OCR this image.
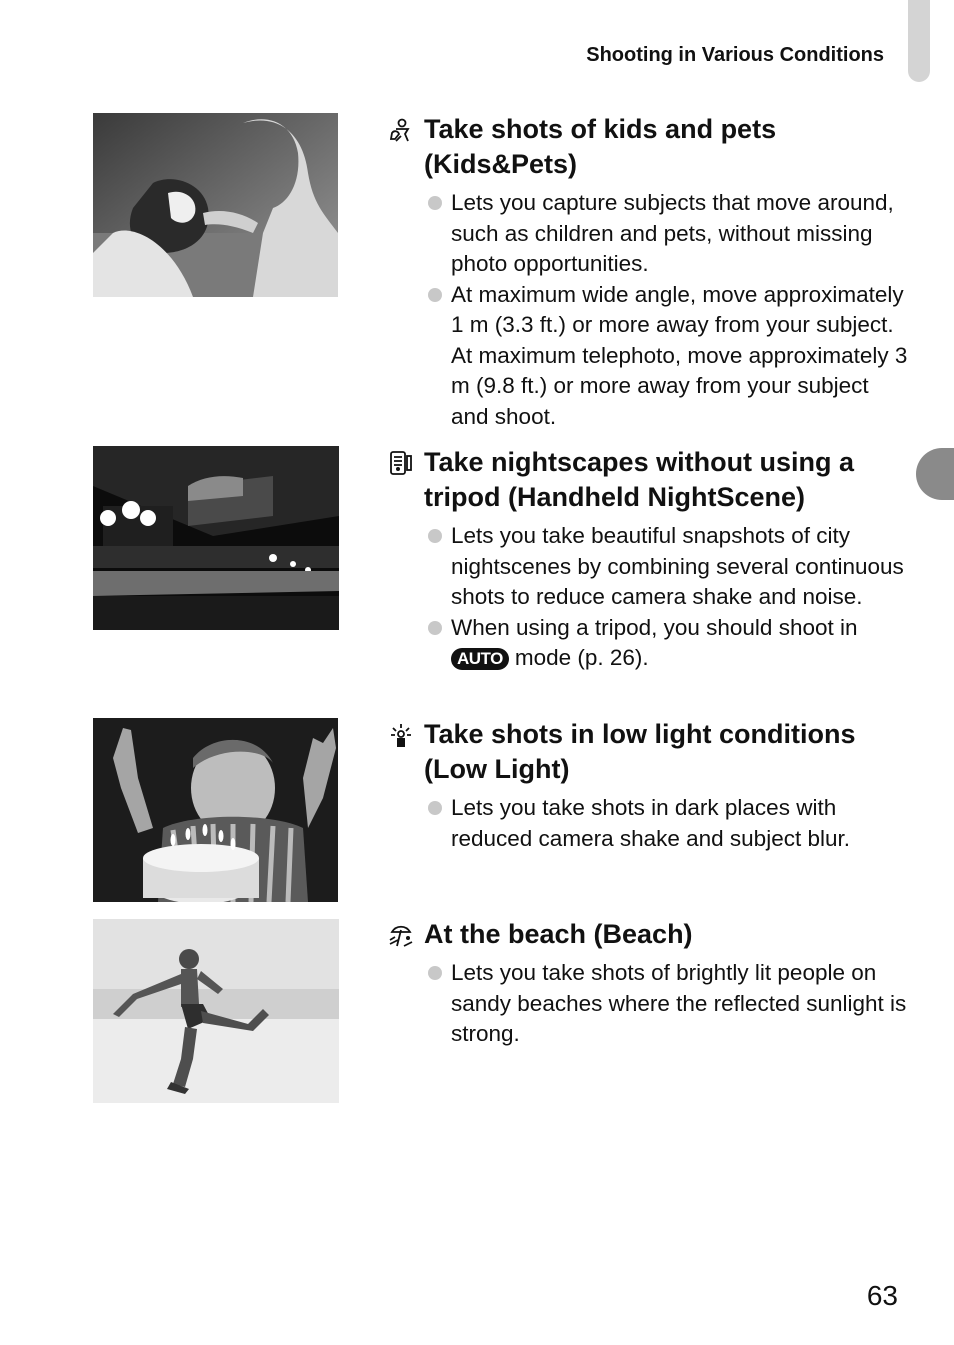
Shooting in Various Conditions
Take shots of kids and pets
(Kids&Pets)
Lets you capture subjects that move around, such as children and pets, without missing photo opportunities.
At maximum wide angle, move approximately 1 m (3.3 ft.) or more away from your subject. At maximum telephoto, move approximately 3 m (9.8 ft.) or more away from your subject and shoot.
Take nightscapes without using a
tripod (Handheld NightScene)
Lets you take beautiful snapshots of city nightscenes by combining several continuous shots to reduce camera shake and noise.
When using a tripod, you should shoot in
AUTO mode (p. 26).
Take shots in low light conditions
(Low Light)
Lets you take shots in dark places with reduced camera shake and subject blur.
At the beach (Beach)
Lets you take shots of brightly lit people on sandy beaches where the reflected sunlight is strong.
63
